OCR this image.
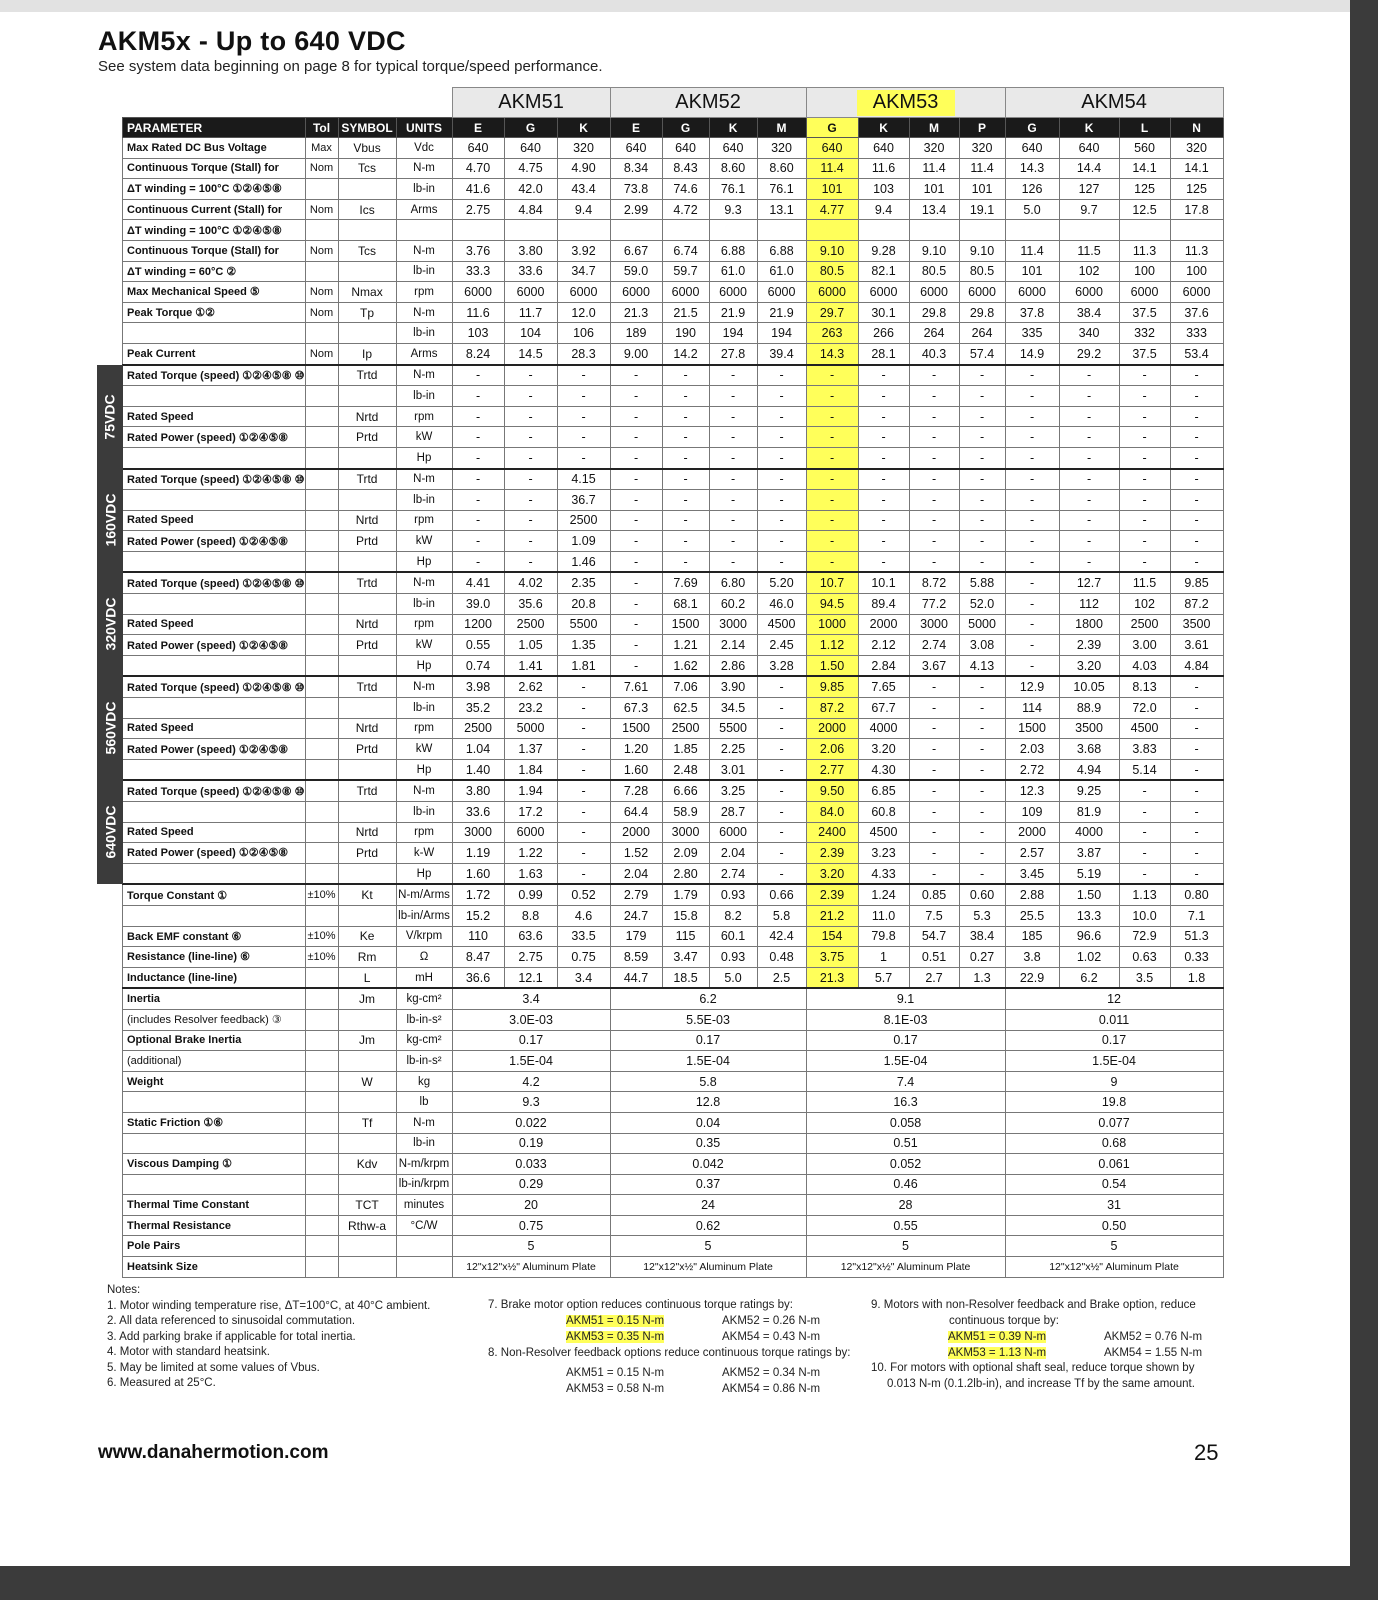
AKM5x - Up to 640 VDC
See system data beginning on page 8 for typical torque/speed performance.
				AKM51			AKM52				AKM53				AKM54			
PARAMETER	Tol	SYMBOL	UNITS	E	G	K	E	G	K	M	G	K	M	P	G	K	L	N
Max Rated DC Bus Voltage	Max	Vbus	Vdc	640	640	320	640	640	640	320	640	640	320	320	640	640	560	320
Continuous Torque (Stall) for	Nom	Tcs	N-m	4.70	4.75	4.90	8.34	8.43	8.60	8.60	11.4	11.6	11.4	11.4	14.3	14.4	14.1	14.1
ΔT winding = 100°C ①②④⑤⑧			lb-in	41.6	42.0	43.4	73.8	74.6	76.1	76.1	101	103	101	101	126	127	125	125
Continuous Current (Stall) for	Nom	Ics	Arms	2.75	4.84	9.4	2.99	4.72	9.3	13.1	4.77	9.4	13.4	19.1	5.0	9.7	12.5	17.8
ΔT winding = 100°C ①②④⑤⑧																		
Continuous Torque (Stall) for	Nom	Tcs	N-m	3.76	3.80	3.92	6.67	6.74	6.88	6.88	9.10	9.28	9.10	9.10	11.4	11.5	11.3	11.3
ΔT winding = 60°C ②			lb-in	33.3	33.6	34.7	59.0	59.7	61.0	61.0	80.5	82.1	80.5	80.5	101	102	100	100
Max Mechanical Speed ⑤	Nom	Nmax	rpm	6000	6000	6000	6000	6000	6000	6000	6000	6000	6000	6000	6000	6000	6000	6000
Peak Torque ①②	Nom	Tp	N-m	11.6	11.7	12.0	21.3	21.5	21.9	21.9	29.7	30.1	29.8	29.8	37.8	38.4	37.5	37.6
			lb-in	103	104	106	189	190	194	194	263	266	264	264	335	340	332	333
Peak Current	Nom	Ip	Arms	8.24	14.5	28.3	9.00	14.2	27.8	39.4	14.3	28.1	40.3	57.4	14.9	29.2	37.5	53.4
Rated Torque (speed) ①②④⑤⑧ ⑩		Trtd	N-m	-	-	-	-	-	-	-	-	-	-	-	-	-	-	-
			lb-in	-	-	-	-	-	-	-	-	-	-	-	-	-	-	-
Rated Speed		Nrtd	rpm	-	-	-	-	-	-	-	-	-	-	-	-	-	-	-
Rated Power (speed) ①②④⑤⑧		Prtd	kW	-	-	-	-	-	-	-	-	-	-	-	-	-	-	-
			Hp	-	-	-	-	-	-	-	-	-	-	-	-	-	-	-
Rated Torque (speed) ①②④⑤⑧ ⑩		Trtd	N-m	-	-	4.15	-	-	-	-	-	-	-	-	-	-	-	-
			lb-in	-	-	36.7	-	-	-	-	-	-	-	-	-	-	-	-
Rated Speed		Nrtd	rpm	-	-	2500	-	-	-	-	-	-	-	-	-	-	-	-
Rated Power (speed) ①②④⑤⑧		Prtd	kW	-	-	1.09	-	-	-	-	-	-	-	-	-	-	-	-
			Hp	-	-	1.46	-	-	-	-	-	-	-	-	-	-	-	-
Rated Torque (speed) ①②④⑤⑧ ⑩		Trtd	N-m	4.41	4.02	2.35	-	7.69	6.80	5.20	10.7	10.1	8.72	5.88	-	12.7	11.5	9.85
			lb-in	39.0	35.6	20.8	-	68.1	60.2	46.0	94.5	89.4	77.2	52.0	-	112	102	87.2
Rated Speed		Nrtd	rpm	1200	2500	5500	-	1500	3000	4500	1000	2000	3000	5000	-	1800	2500	3500
Rated Power (speed) ①②④⑤⑧		Prtd	kW	0.55	1.05	1.35	-	1.21	2.14	2.45	1.12	2.12	2.74	3.08	-	2.39	3.00	3.61
			Hp	0.74	1.41	1.81	-	1.62	2.86	3.28	1.50	2.84	3.67	4.13	-	3.20	4.03	4.84
Rated Torque (speed) ①②④⑤⑧ ⑩		Trtd	N-m	3.98	2.62	-	7.61	7.06	3.90	-	9.85	7.65	-	-	12.9	10.05	8.13	-
			lb-in	35.2	23.2	-	67.3	62.5	34.5	-	87.2	67.7	-	-	114	88.9	72.0	-
Rated Speed		Nrtd	rpm	2500	5000	-	1500	2500	5500	-	2000	4000	-	-	1500	3500	4500	-
Rated Power (speed) ①②④⑤⑧		Prtd	kW	1.04	1.37	-	1.20	1.85	2.25	-	2.06	3.20	-	-	2.03	3.68	3.83	-
			Hp	1.40	1.84	-	1.60	2.48	3.01	-	2.77	4.30	-	-	2.72	4.94	5.14	-
Rated Torque (speed) ①②④⑤⑧ ⑩		Trtd	N-m	3.80	1.94	-	7.28	6.66	3.25	-	9.50	6.85	-	-	12.3	9.25	-	-
			lb-in	33.6	17.2	-	64.4	58.9	28.7	-	84.0	60.8	-	-	109	81.9	-	-
Rated Speed		Nrtd	rpm	3000	6000	-	2000	3000	6000	-	2400	4500	-	-	2000	4000	-	-
Rated Power (speed) ①②④⑤⑧		Prtd	k-W	1.19	1.22	-	1.52	2.09	2.04	-	2.39	3.23	-	-	2.57	3.87	-	-
			Hp	1.60	1.63	-	2.04	2.80	2.74	-	3.20	4.33	-	-	3.45	5.19	-	-
Torque Constant ①	±10%	Kt	N-m/Arms	1.72	0.99	0.52	2.79	1.79	0.93	0.66	2.39	1.24	0.85	0.60	2.88	1.50	1.13	0.80
			lb-in/Arms	15.2	8.8	4.6	24.7	15.8	8.2	5.8	21.2	11.0	7.5	5.3	25.5	13.3	10.0	7.1
Back EMF constant ⑥	±10%	Ke	V/krpm	110	63.6	33.5	179	115	60.1	42.4	154	79.8	54.7	38.4	185	96.6	72.9	51.3
Resistance (line-line) ⑥	±10%	Rm	Ω	8.47	2.75	0.75	8.59	3.47	0.93	0.48	3.75	1	0.51	0.27	3.8	1.02	0.63	0.33
Inductance (line-line)		L	mH	36.6	12.1	3.4	44.7	18.5	5.0	2.5	21.3	5.7	2.7	1.3	22.9	6.2	3.5	1.8
Inertia		Jm	kg-cm²	3.4			6.2				9.1				12			
(includes Resolver feedback) ③			lb-in-s²	3.0E-03			5.5E-03				8.1E-03				0.011			
Optional Brake Inertia		Jm	kg-cm²	0.17			0.17				0.17				0.17			
(additional)			lb-in-s²	1.5E-04			1.5E-04				1.5E-04				1.5E-04			
Weight		W	kg	4.2			5.8				7.4				9			
			lb	9.3			12.8				16.3				19.8			
Static Friction ①⑥		Tf	N-m	0.022			0.04				0.058				0.077			
			lb-in	0.19			0.35				0.51				0.68			
Viscous Damping ①		Kdv	N-m/krpm	0.033			0.042				0.052				0.061			
			lb-in/krpm	0.29			0.37				0.46				0.54			
Thermal Time Constant		TCT	minutes	20			24				28				31			
Thermal Resistance		Rthw-a	°C/W	0.75			0.62				0.55				0.50			
Pole Pairs				5			5				5				5			
Heatsink Size				12"x12"x½" Aluminum Plate			12"x12"x½" Aluminum Plate				12"x12"x½" Aluminum Plate				12"x12"x½" Aluminum Plate			
75VDC
160VDC
320VDC
560VDC
640VDC
Notes:
1. Motor winding temperature rise, ΔT=100°C, at 40°C ambient.
2. All data referenced to sinusoidal commutation.
3. Add parking brake if applicable for total inertia.
4. Motor with standard heatsink.
5. May be limited at some values of Vbus.
6. Measured at 25°C.
7. Brake motor option reduces continuous torque ratings by:
AKM51 = 0.15 N-m
AKM53 = 0.35 N-m
AKM52 = 0.26 N-m
AKM54 = 0.43 N-m
8. Non-Resolver feedback options reduce continuous torque ratings by:
AKM51 = 0.15 N-m
AKM53 = 0.58 N-m
AKM52 = 0.34 N-m
AKM54 = 0.86 N-m
9. Motors with non-Resolver feedback and Brake option, reduce
continuous torque by:
AKM51 = 0.39 N-m
AKM53 = 1.13 N-m
AKM52 = 0.76 N-m
AKM54 = 1.55 N-m
10. For motors with optional shaft seal, reduce torque shown by
0.013 N-m (0.1.2lb-in), and increase Tf by the same amount.
www.danahermotion.com	25
